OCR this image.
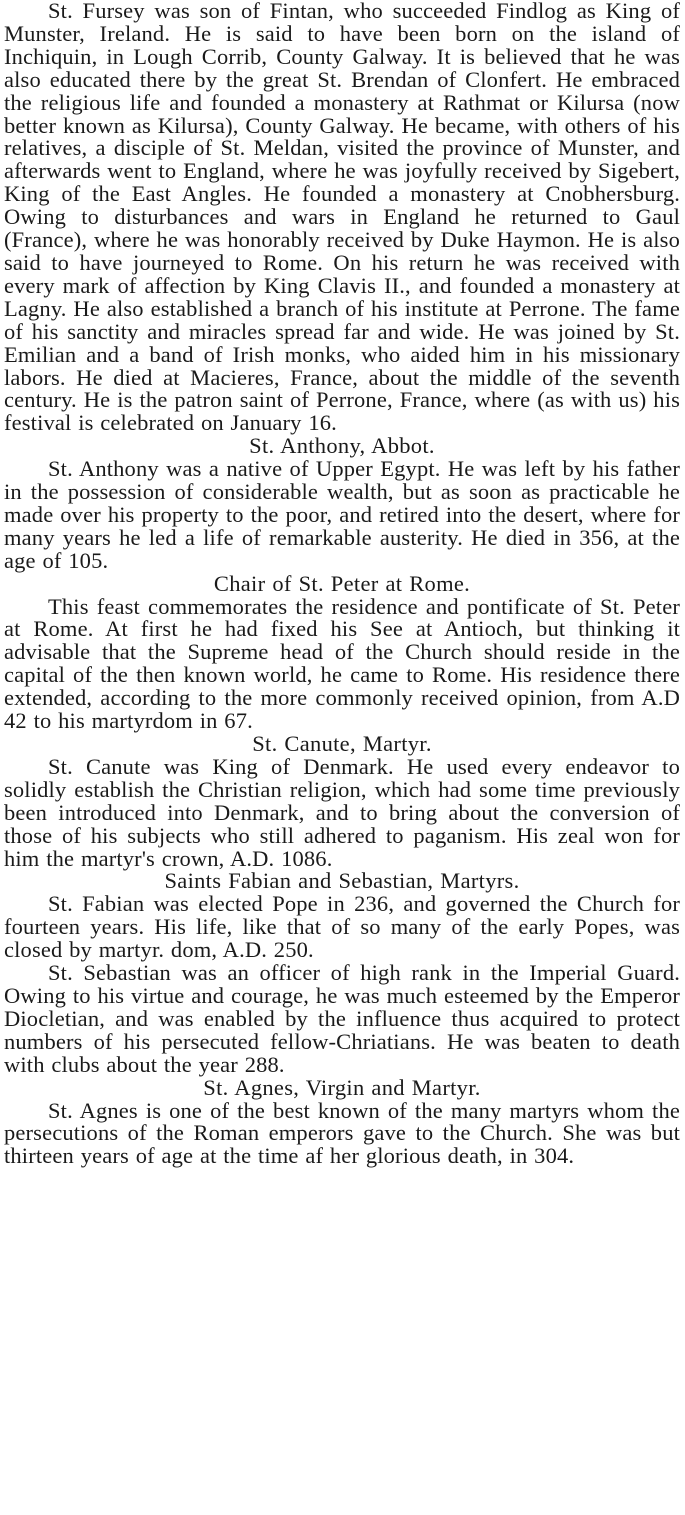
St. Fursey was son of Fintan, who succeeded Findlog as King of Munster, Ireland. He is said to have been born on the island of Inchiquin, in Lough Corrib, County Galway. It is believed that he was also educated there by the great St. Brendan of Clonfert. He embraced the religious life and founded a monastery at Rathmat or Kilursa (now better known as Kilursa), County Galway. He became, with others of his relatives, a disciple of St. Meldan, visited the province of Munster, and afterwards went to England, where he was joyfully received by Sigebert, King of the East Angles. He founded a monastery at Cnobhersburg. Owing to disturbances and wars in England he returned to Gaul (France), where he was honorably received by Duke Haymon. He is also said to have journeyed to Rome. On his return he was received with every mark of affection by King Clavis II., and founded a monastery at Lagny. He also established a branch of his institute at Perrone. The fame of his sanctity and miracles spread far and wide. He was joined by St. Emilian and a band of Irish monks, who aided him in his missionary labors. He died at Macieres, France, about the middle of the seventh century. He is the patron saint of Perrone, France, where (as with us) his festival is celebrated on January 16.

St. Anthony, Abbot.

St. Anthony was a native of Upper Egypt. He was left by his father in the possession of considerable wealth, but as soon as practicable he made over his property to the poor, and retired into the desert, where for many years he led a life of remarkable austerity. He died in 356, at the age of 105.

Chair of St. Peter at Rome.

This feast commemorates the residence and pontificate of St. Peter at Rome. At first he had fixed his See at Antioch, but thinking it advisable that the Supreme head of the Church should reside in the capital of the then known world, he came to Rome. His residence there extended, according to the more commonly received opinion, from A.D 42 to his martyrdom in 67.

St. Canute, Martyr.

St. Canute was King of Denmark. He used every endeavor to solidly establish the Christian religion, which had some time previously been introduced into Denmark, and to bring about the conversion of those of his subjects who still adhered to paganism. His zeal won for him the martyr's crown, A.D. 1086.

Saints Fabian and Sebastian, Martyrs.

St. Fabian was elected Pope in 236, and governed the Church for fourteen years. His life, like that of so many of the early Popes, was closed by martyr. dom, A.D. 250.

St. Sebastian was an officer of high rank in the Imperial Guard. Owing to his virtue and courage, he was much esteemed by the Emperor Diocletian, and was enabled by the influence thus acquired to protect numbers of his persecuted fellow-Chriatians. He was beaten to death with clubs about the year 288.

St. Agnes, Virgin and Martyr.

St. Agnes is one of the best known of the many martyrs whom the persecutions of the Roman emperors gave to the Church. She was but thirteen years of age at the time af her glorious death, in 304.
